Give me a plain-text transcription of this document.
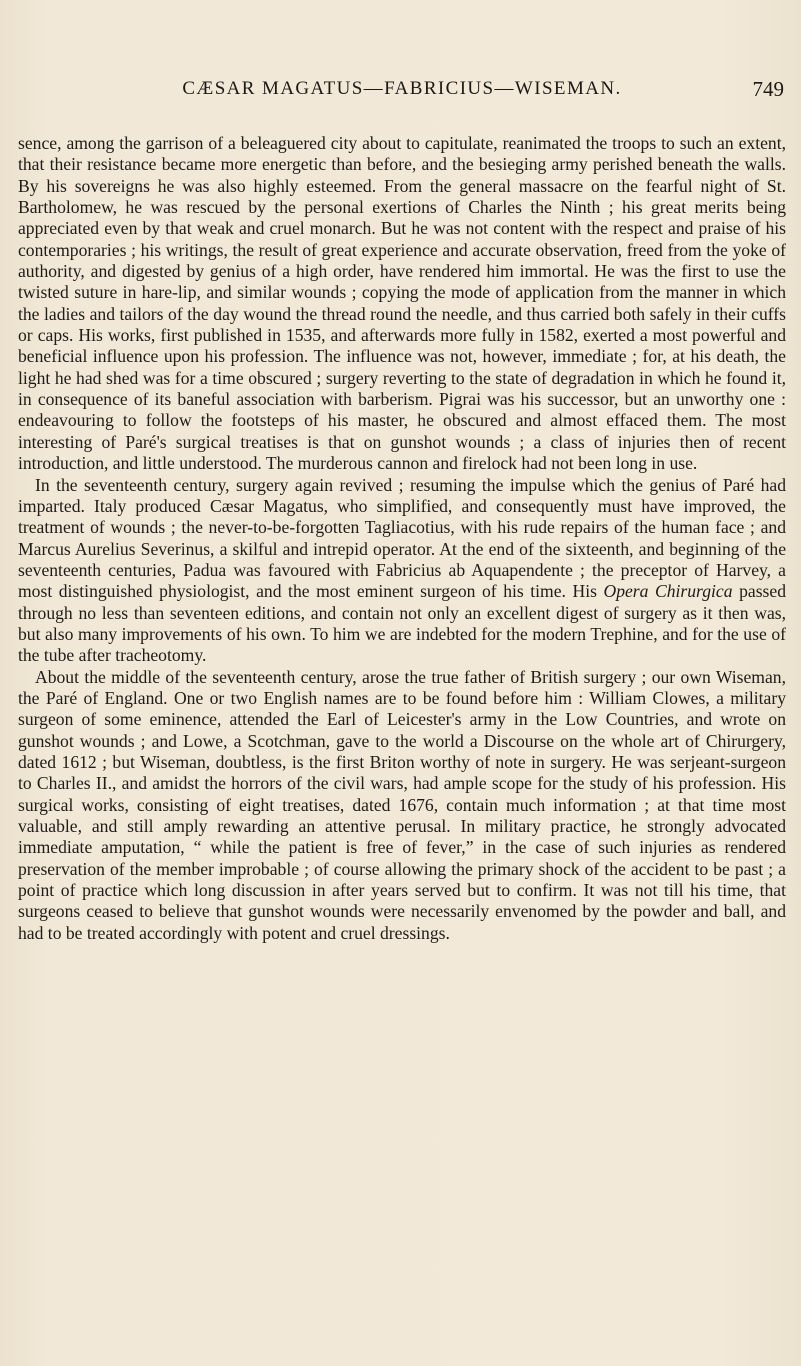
CÆSAR MAGATUS—FABRICIUS—WISEMAN.	749

sence, among the garrison of a beleaguered city about to capitulate, reanimated the troops to such an extent, that their resistance became more energetic than before, and the besieging army perished beneath the walls. By his sovereigns he was also highly esteemed. From the general massacre on the fearful night of St. Bartholomew, he was rescued by the personal exertions of Charles the Ninth ; his great merits being appreciated even by that weak and cruel monarch. But he was not content with the respect and praise of his contemporaries ; his writings, the result of great experience and accurate observation, freed from the yoke of authority, and digested by genius of a high order, have rendered him immortal. He was the first to use the twisted suture in hare-lip, and similar wounds ; copying the mode of application from the manner in which the ladies and tailors of the day wound the thread round the needle, and thus carried both safely in their cuffs or caps. His works, first published in 1535, and afterwards more fully in 1582, exerted a most powerful and beneficial influence upon his profession. The influence was not, however, immediate ; for, at his death, the light he had shed was for a time obscured ; surgery reverting to the state of degradation in which he found it, in consequence of its baneful association with barberism. Pigrai was his successor, but an unworthy one : endeavouring to follow the footsteps of his master, he obscured and almost effaced them. The most interesting of Paré's surgical treatises is that on gunshot wounds ; a class of injuries then of recent introduction, and little understood. The murderous cannon and firelock had not been long in use.

In the seventeenth century, surgery again revived ; resuming the impulse which the genius of Paré had imparted. Italy produced Cæsar Magatus, who simplified, and consequently must have improved, the treatment of wounds ; the never-to-be-forgotten Tagliacotius, with his rude repairs of the human face ; and Marcus Aurelius Severinus, a skilful and intrepid operator. At the end of the sixteenth, and beginning of the seventeenth centuries, Padua was favoured with Fabricius ab Aquapendente ; the preceptor of Harvey, a most distinguished physiologist, and the most eminent surgeon of his time. His Opera Chirurgica passed through no less than seventeen editions, and contain not only an excellent digest of surgery as it then was, but also many improvements of his own. To him we are indebted for the modern Trephine, and for the use of the tube after tracheotomy.

About the middle of the seventeenth century, arose the true father of British surgery ; our own Wiseman, the Paré of England. One or two English names are to be found before him : William Clowes, a military surgeon of some eminence, attended the Earl of Leicester's army in the Low Countries, and wrote on gunshot wounds ; and Lowe, a Scotchman, gave to the world a Discourse on the whole art of Chirurgery, dated 1612 ; but Wiseman, doubtless, is the first Briton worthy of note in surgery. He was serjeant-surgeon to Charles II., and amidst the horrors of the civil wars, had ample scope for the study of his profession. His surgical works, consisting of eight treatises, dated 1676, contain much information ; at that time most valuable, and still amply rewarding an attentive perusal. In military practice, he strongly advocated immediate amputation, “ while the patient is free of fever,” in the case of such injuries as rendered preservation of the member improbable ; of course allowing the primary shock of the accident to be past ; a point of practice which long discussion in after years served but to confirm. It was not till his time, that surgeons ceased to believe that gunshot wounds were necessarily envenomed by the powder and ball, and had to be treated accordingly with potent and cruel dressings.
